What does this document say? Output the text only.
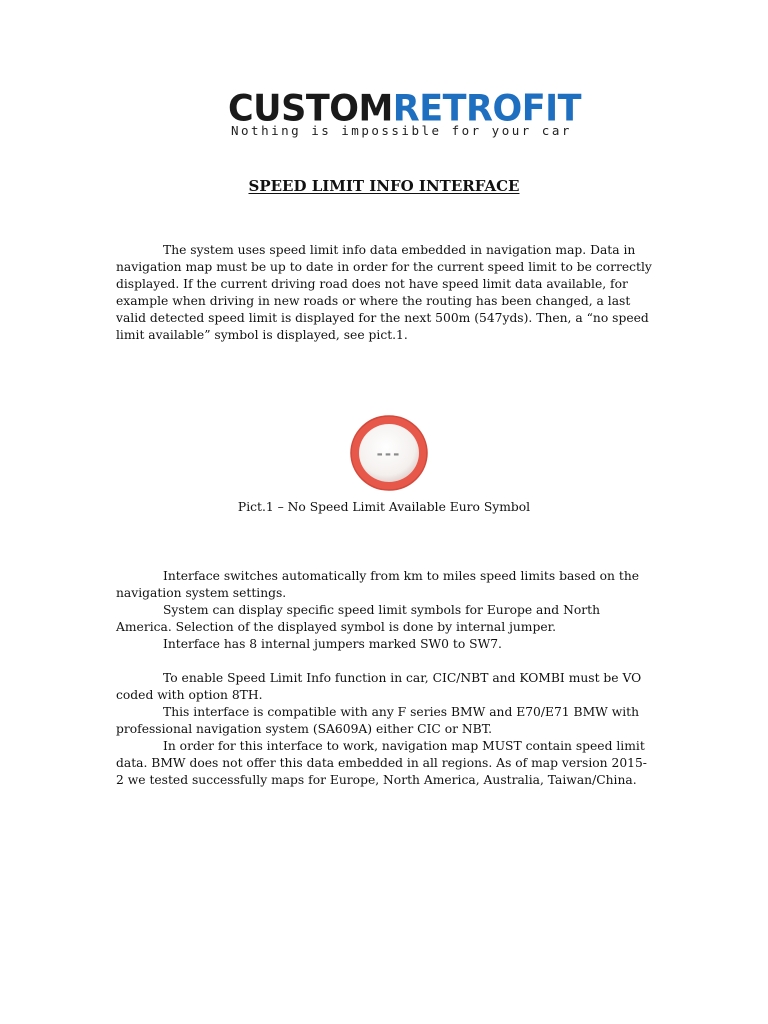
CUSTOMRETROFIT
Nothing is impossible for your car
SPEED LIMIT INFO INTERFACE

The system uses speed limit info data embedded in navigation map. Data in navigation map must be up to date in order for the current speed limit to be correctly displayed. If the current driving road does not have speed limit data available, for example when driving in new roads or where the routing has been changed, a last valid detected speed limit is displayed for the next 500m (547yds). Then, a “no speed limit available” symbol is displayed, see pict.1.

---
Pict.1 – No Speed Limit Available Euro Symbol

Interface switches automatically from km to miles speed limits based on the navigation system settings.

System can display specific speed limit symbols for Europe and North America. Selection of the displayed symbol is done by internal jumper.

Interface has 8 internal jumpers marked SW0 to SW7.

To enable Speed Limit Info function in car, CIC/NBT and KOMBI must be VO coded with option 8TH.

This interface is compatible with any F series BMW and E70/E71 BMW with professional navigation system (SA609A) either CIC or NBT.

In order for this interface to work, navigation map MUST contain speed limit data. BMW does not offer this data embedded in all regions. As of map version 2015-2 we tested successfully maps for Europe, North America, Australia, Taiwan/China.
